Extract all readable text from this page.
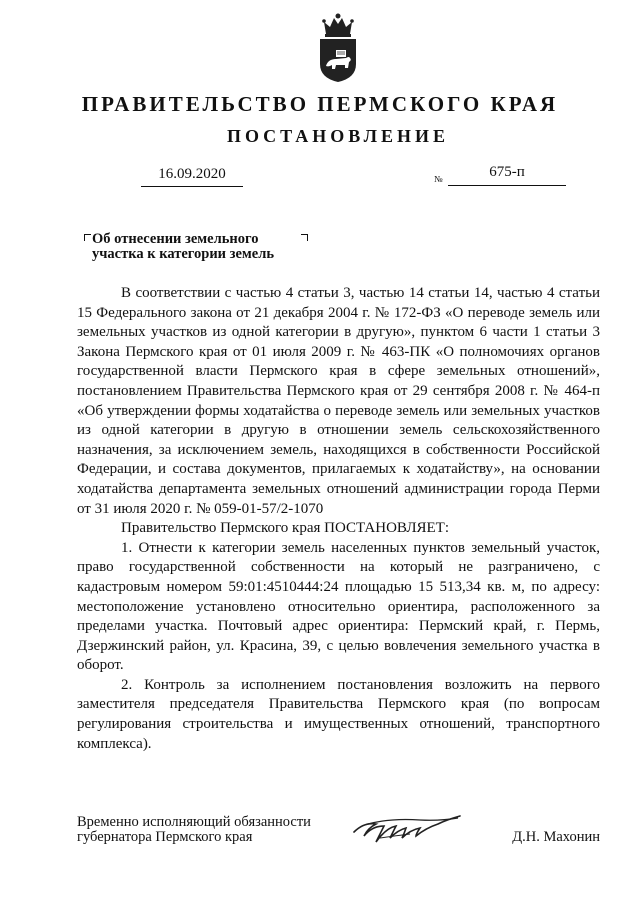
ПРАВИТЕЛЬСТВО ПЕРМСКОГО КРАЯ
ПОСТАНОВЛЕНИЕ
16.09.2020	№	675-п
Об отнесении земельного
участка к категории земель

В соответствии с частью 4 статьи 3, частью 14 статьи 14, частью 4 статьи 15 Федерального закона от 21 декабря 2004 г. № 172-ФЗ «О переводе земель или земельных участков из одной категории в другую», пунктом 6 части 1 статьи 3 Закона Пермского края от 01 июля 2009 г. № 463-ПК «О полномочиях органов государственной власти Пермского края в сфере земельных отношений», постановлением Правительства Пермского края от 29 сентября 2008 г. № 464-п «Об утверждении формы ходатайства о переводе земель или земельных участков из одной категории в другую в отношении земель сельскохозяйственного назначения, за исключением земель, находящихся в собственности Российской Федерации, и состава документов, прилагаемых к ходатайству», на основании ходатайства департамента земельных отношений администрации города Перми от 31 июля 2020 г. № 059-01-57/2-1070

Правительство Пермского края ПОСТАНОВЛЯЕТ:

1. Отнести к категории земель населенных пунктов земельный участок, право государственной собственности на который не разграничено, с кадастровым номером 59:01:4510444:24 площадью 15 513,34 кв. м, по адресу: местоположение установлено относительно ориентира, расположенного за пределами участка. Почтовый адрес ориентира: Пермский край, г. Пермь, Дзержинский район, ул. Красина, 39, с целью вовлечения земельного участка в оборот.

2. Контроль за исполнением постановления возложить на первого заместителя председателя Правительства Пермского края (по вопросам регулирования строительства и имущественных отношений, транспортного комплекса).

Временно исполняющий обязанности
губернатора Пермского края	Д.Н. Махонин
